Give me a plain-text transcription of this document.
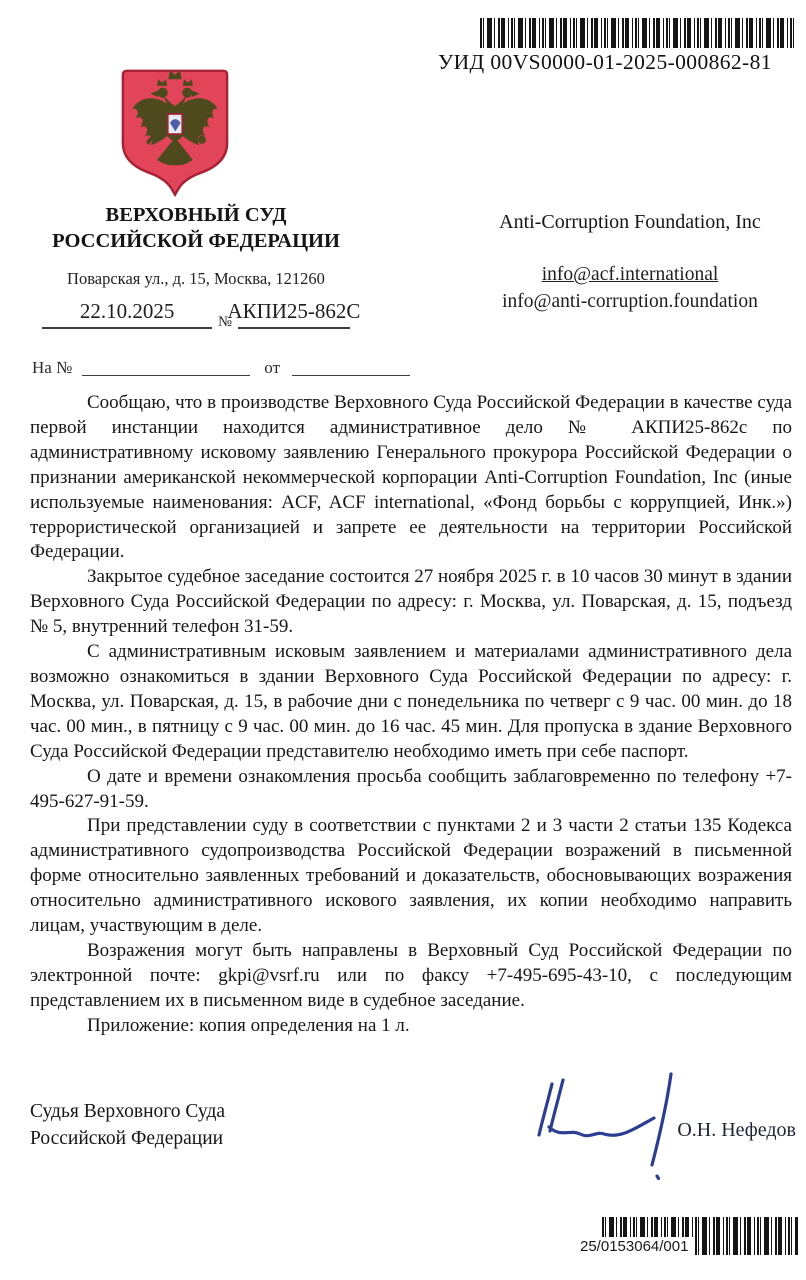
УИД 00VS0000-01-2025-000862-81
ВЕРХОВНЫЙ СУД
РОССИЙСКОЙ ФЕДЕРАЦИИ
Поварская ул., д. 15, Москва, 121260
22.10.2025	№
АКПИ25-862С
Anti-Corruption Foundation, Inc
info@acf.international
info@anti-corruption.foundation
На №	от

Сообщаю, что в производстве Верховного Суда Российской Федерации в качестве суда первой инстанции находится административное дело № АКПИ25-862с по административному исковому заявлению Генерального прокурора Российской Федерации о признании американской некоммерческой корпорации Anti-Corruption Foundation, Inc (иные используемые наименования: ACF, ACF international, «Фонд борьбы с коррупцией, Инк.») террористической организацией и запрете ее деятельности на территории Российской Федерации.

Закрытое судебное заседание состоится 27 ноября 2025 г. в 10 часов 30 минут в здании Верховного Суда Российской Федерации по адресу: г. Москва, ул. Поварская, д. 15, подъезд № 5, внутренний телефон 31-59.

С административным исковым заявлением и материалами административного дела возможно ознакомиться в здании Верховного Суда Российской Федерации по адресу: г. Москва, ул. Поварская, д. 15, в рабочие дни с понедельника по четверг с 9 час. 00 мин. до 18 час. 00 мин., в пятницу с 9 час. 00 мин. до 16 час. 45 мин. Для пропуска в здание Верховного Суда Российской Федерации представителю необходимо иметь при себе паспорт.

О дате и времени ознакомления просьба сообщить заблаговременно по телефону +7-495-627-91-59.

При представлении суду в соответствии с пунктами 2 и 3 части 2 статьи 135 Кодекса административного судопроизводства Российской Федерации возражений в письменной форме относительно заявленных требований и доказательств, обосновывающих возражения относительно административного искового заявления, их копии необходимо направить лицам, участвующим в деле.

Возражения могут быть направлены в Верховный Суд Российской Федерации по электронной почте: gkpi@vsrf.ru или по факсу +7-495-695-43-10, с последующим представлением их в письменном виде в судебное заседание.

Приложение: копия определения на 1 л.

Судья Верховного Суда
Российской Федерации	О.Н. Нефедов
25/0153064/001
